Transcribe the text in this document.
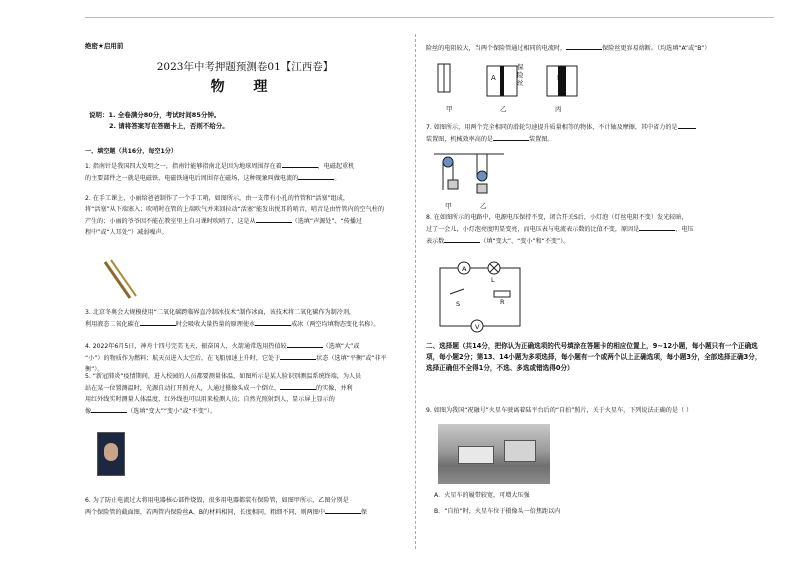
绝密★启用前
2023年中考押题预测卷01【江西卷】
物 理
说明：1. 全卷满分80分，考试时间85分钟。
2. 请将答案写在答题卡上，否则不给分。
一、填空题（共16分，每空1分）
1. 指南针是我国四大发明之一，指南针能够指南北是因为地球周围存在着	，电磁起重机
的主要部件之一就是电磁铁，电磁铁通电后周围存在磁场，这种现象叫做电流的	。
2. 在手工课上，小丽给爸爸制作了一个手工哨，如图所示，由一支带有小孔的竹管和“活塞”组成，
将“活塞”从下端塞入；吹哨时在管的上端吹气并来回拉动“活塞”能发出悦耳的哨音，哨音是由竹管内的空气柱的
产生的；小丽的爷爷因不能在教室里上自习课时吹哨了，这是从	（选填“声源处”、“传播过
程中”或“人耳处”）减弱噪声。
3. 北京冬奥会大规模使用“二氧化碳跨临界直冷制冰技术”制作冰面，该技术将二氧化碳作为制冷剂，
利用液态二氧化碳在	时会吸收大量热量的原理使水	成冰（两空均填物态变化名称）。
4. 2022年6月5日，神舟十四号完美飞天，振奋国人，火箭通常选用热值较	（选填“大”或
“小”）的物质作为燃料；航天员进入太空后，在飞船加速上升时，它处于	状态（选填“平衡”或“非平衡”）。
5. “新冠肺炎”疫情期间，进入校园的人员都要测量体温，如图所示是某人脸识别测温系统终端，为人员
站在某一位置测温时，光源自动打开照亮人，人通过摄像头成一个倒立、	的实像，并利
用红外线实时测量人体温度，红外线也可以用来检测人员；自然光照射到人，显示屏上显示的
像	（选填“变大”“变小”或“不变”）。
6. 为了防止电流过大将用电器核心部件烧毁，很多用电器都装有保险管，如图甲所示，乙图分别是
两个保险管的截面图，若两管内保险丝A、B的材料相同，长度相同，粗细不同，则两图中	保
险丝的电阻较大，当两个保险管通过相同的电流时，	保险丝更容易熔断。（均选填“A”或“B”）
A	B
保险丝
甲	乙	丙
7. 如图所示，用两个完全相同的滑轮匀速提升质量相等的物体，不计轴及摩擦，其中省力的是
装置图，机械效率高的是	装置图。
甲	乙
8. 在如图所示的电路中，电源电压保持不变，闭合开关S后，小灯泡（灯丝电阻不变）发光较暗，
过了一会儿，小灯泡亮度明显变亮，而电压表与电流表示数的比值不变，原因是	，电压
表示数	（填“变大”、“变小”和“不变”）。
A
L
S	R
V
二、选择题（共14分，把你认为正确选项的代号填涂在答题卡的相应位置上，9~12小题，每小题只有一个正确选项，每小题2分；第13、14小题为多项选择，每小题有一个或两个以上正确选项，每小题3分，全部选择正确3分，选择正确但不全得1分，不选、多选或错选得0分）
9. 如图为我国“祝融号”火星车驶离着陆平台后的“自拍”照片，关于火星车，下列说法正确的是（ ）
A．火星车的履带较宽，可增大压强
B．“自拍”时，火星车位于摄像头一倍焦距以内
